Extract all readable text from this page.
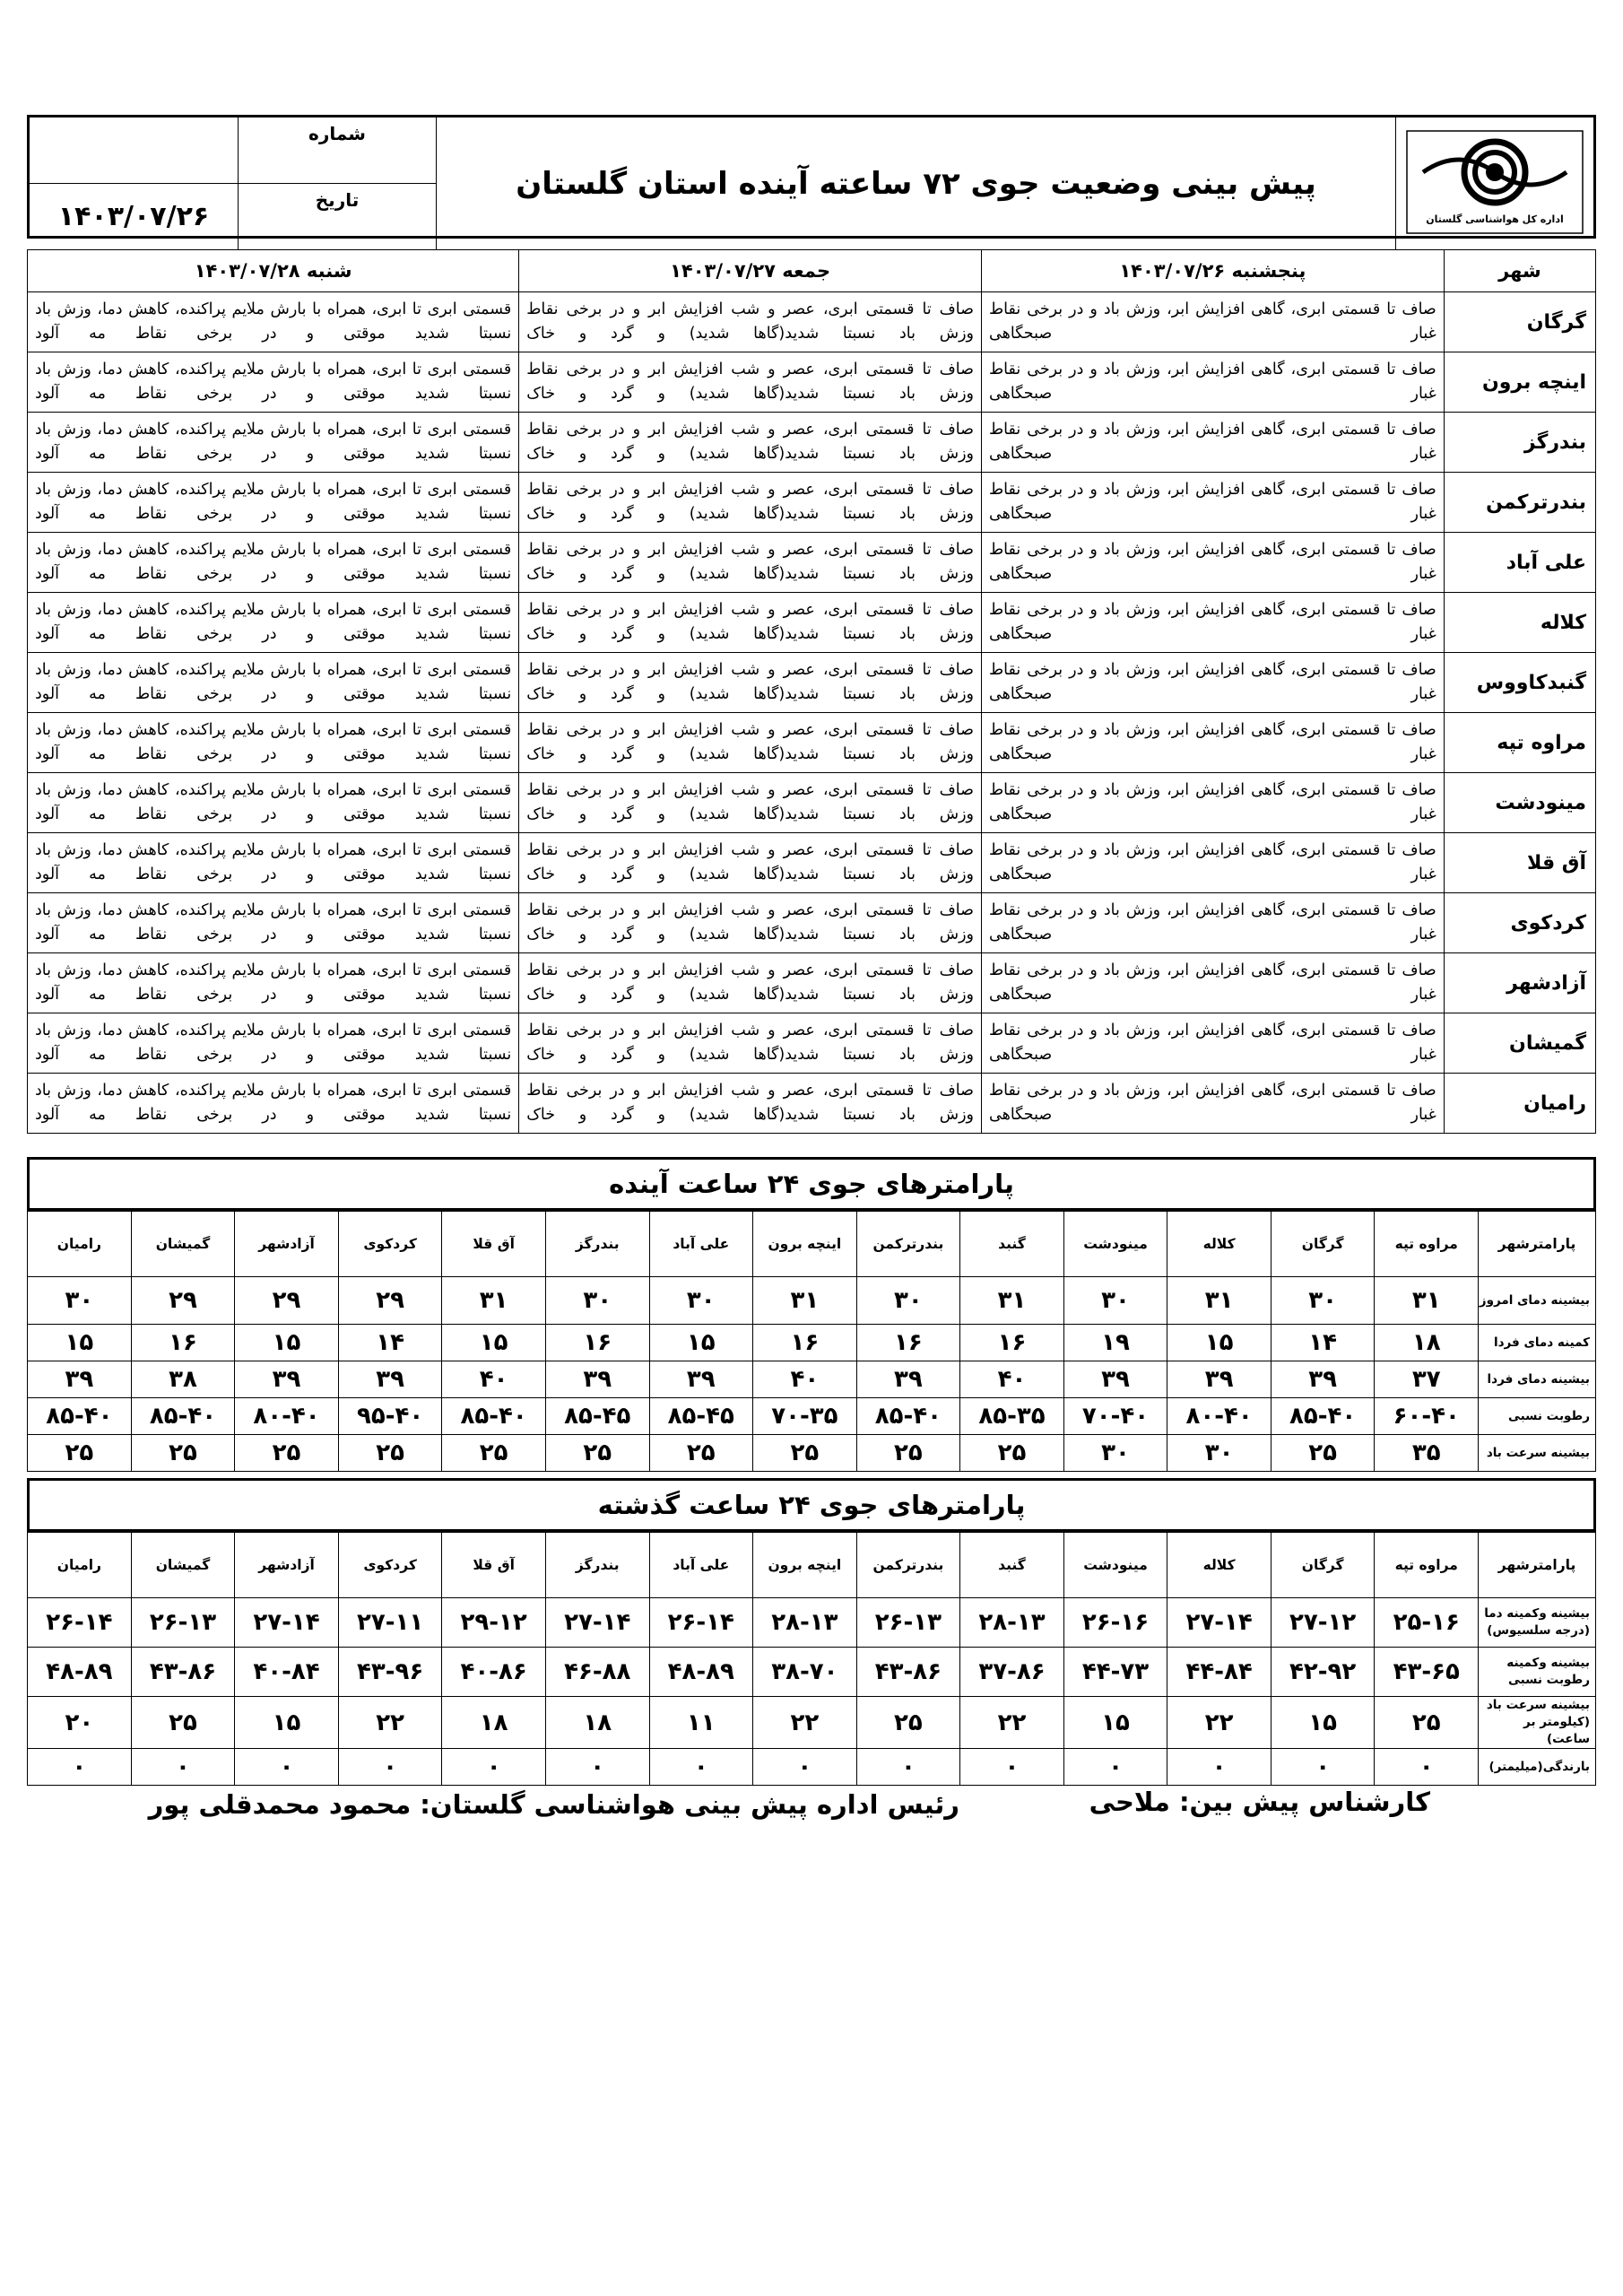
	شماره	پیش بینی وضعیت جوی ۷۲ ساعته آینده استان گلستان	اداره کل هواشناسی گلستان

۱۴۰۳/۰۷/۲۶	تاریخ		
شهر	پنجشنبه ۱۴۰۳/۰۷/۲۶	جمعه ۱۴۰۳/۰۷/۲۷	شنبه ۱۴۰۳/۰۷/۲۸
گرگان	صاف تا قسمتی ابری، گاهی افزایش ابر، وزش باد و در برخی نقاط غبار صبحگاهی	صاف تا قسمتی ابری، عصر و شب افزایش ابر و در برخی نقاط وزش باد نسبتا شدید(گاها شدید) و گرد و خاک	قسمتی ابری تا ابری، همراه با بارش ملایم پراکنده، کاهش دما، وزش باد نسبتا شدید موقتی و در برخی نقاط مه آلود
اینچه برون	صاف تا قسمتی ابری، گاهی افزایش ابر، وزش باد و در برخی نقاط غبار صبحگاهی	صاف تا قسمتی ابری، عصر و شب افزایش ابر و در برخی نقاط وزش باد نسبتا شدید(گاها شدید) و گرد و خاک	قسمتی ابری تا ابری، همراه با بارش ملایم پراکنده، کاهش دما، وزش باد نسبتا شدید موقتی و در برخی نقاط مه آلود
بندرگز	صاف تا قسمتی ابری، گاهی افزایش ابر، وزش باد و در برخی نقاط غبار صبحگاهی	صاف تا قسمتی ابری، عصر و شب افزایش ابر و در برخی نقاط وزش باد نسبتا شدید(گاها شدید) و گرد و خاک	قسمتی ابری تا ابری، همراه با بارش ملایم پراکنده، کاهش دما، وزش باد نسبتا شدید موقتی و در برخی نقاط مه آلود
بندرترکمن	صاف تا قسمتی ابری، گاهی افزایش ابر، وزش باد و در برخی نقاط غبار صبحگاهی	صاف تا قسمتی ابری، عصر و شب افزایش ابر و در برخی نقاط وزش باد نسبتا شدید(گاها شدید) و گرد و خاک	قسمتی ابری تا ابری، همراه با بارش ملایم پراکنده، کاهش دما، وزش باد نسبتا شدید موقتی و در برخی نقاط مه آلود
علی آباد	صاف تا قسمتی ابری، گاهی افزایش ابر، وزش باد و در برخی نقاط غبار صبحگاهی	صاف تا قسمتی ابری، عصر و شب افزایش ابر و در برخی نقاط وزش باد نسبتا شدید(گاها شدید) و گرد و خاک	قسمتی ابری تا ابری، همراه با بارش ملایم پراکنده، کاهش دما، وزش باد نسبتا شدید موقتی و در برخی نقاط مه آلود
کلاله	صاف تا قسمتی ابری، گاهی افزایش ابر، وزش باد و در برخی نقاط غبار صبحگاهی	صاف تا قسمتی ابری، عصر و شب افزایش ابر و در برخی نقاط وزش باد نسبتا شدید(گاها شدید) و گرد و خاک	قسمتی ابری تا ابری، همراه با بارش ملایم پراکنده، کاهش دما، وزش باد نسبتا شدید موقتی و در برخی نقاط مه آلود
گنبدکاووس	صاف تا قسمتی ابری، گاهی افزایش ابر، وزش باد و در برخی نقاط غبار صبحگاهی	صاف تا قسمتی ابری، عصر و شب افزایش ابر و در برخی نقاط وزش باد نسبتا شدید(گاها شدید) و گرد و خاک	قسمتی ابری تا ابری، همراه با بارش ملایم پراکنده، کاهش دما، وزش باد نسبتا شدید موقتی و در برخی نقاط مه آلود
مراوه تپه	صاف تا قسمتی ابری، گاهی افزایش ابر، وزش باد و در برخی نقاط غبار صبحگاهی	صاف تا قسمتی ابری، عصر و شب افزایش ابر و در برخی نقاط وزش باد نسبتا شدید(گاها شدید) و گرد و خاک	قسمتی ابری تا ابری، همراه با بارش ملایم پراکنده، کاهش دما، وزش باد نسبتا شدید موقتی و در برخی نقاط مه آلود
مینودشت	صاف تا قسمتی ابری، گاهی افزایش ابر، وزش باد و در برخی نقاط غبار صبحگاهی	صاف تا قسمتی ابری، عصر و شب افزایش ابر و در برخی نقاط وزش باد نسبتا شدید(گاها شدید) و گرد و خاک	قسمتی ابری تا ابری، همراه با بارش ملایم پراکنده، کاهش دما، وزش باد نسبتا شدید موقتی و در برخی نقاط مه آلود
آق قلا	صاف تا قسمتی ابری، گاهی افزایش ابر، وزش باد و در برخی نقاط غبار صبحگاهی	صاف تا قسمتی ابری، عصر و شب افزایش ابر و در برخی نقاط وزش باد نسبتا شدید(گاها شدید) و گرد و خاک	قسمتی ابری تا ابری، همراه با بارش ملایم پراکنده، کاهش دما، وزش باد نسبتا شدید موقتی و در برخی نقاط مه آلود
کردکوی	صاف تا قسمتی ابری، گاهی افزایش ابر، وزش باد و در برخی نقاط غبار صبحگاهی	صاف تا قسمتی ابری، عصر و شب افزایش ابر و در برخی نقاط وزش باد نسبتا شدید(گاها شدید) و گرد و خاک	قسمتی ابری تا ابری، همراه با بارش ملایم پراکنده، کاهش دما، وزش باد نسبتا شدید موقتی و در برخی نقاط مه آلود
آزادشهر	صاف تا قسمتی ابری، گاهی افزایش ابر، وزش باد و در برخی نقاط غبار صبحگاهی	صاف تا قسمتی ابری، عصر و شب افزایش ابر و در برخی نقاط وزش باد نسبتا شدید(گاها شدید) و گرد و خاک	قسمتی ابری تا ابری، همراه با بارش ملایم پراکنده، کاهش دما، وزش باد نسبتا شدید موقتی و در برخی نقاط مه آلود
گمیشان	صاف تا قسمتی ابری، گاهی افزایش ابر، وزش باد و در برخی نقاط غبار صبحگاهی	صاف تا قسمتی ابری، عصر و شب افزایش ابر و در برخی نقاط وزش باد نسبتا شدید(گاها شدید) و گرد و خاک	قسمتی ابری تا ابری، همراه با بارش ملایم پراکنده، کاهش دما، وزش باد نسبتا شدید موقتی و در برخی نقاط مه آلود
رامیان	صاف تا قسمتی ابری، گاهی افزایش ابر، وزش باد و در برخی نقاط غبار صبحگاهی	صاف تا قسمتی ابری، عصر و شب افزایش ابر و در برخی نقاط وزش باد نسبتا شدید(گاها شدید) و گرد و خاک	قسمتی ابری تا ابری، همراه با بارش ملایم پراکنده، کاهش دما، وزش باد نسبتا شدید موقتی و در برخی نقاط مه آلود
پارامترهای جوی ۲۴ ساعت آینده
پارامترشهر	مراوه تپه	گرگان	کلاله	مینودشت	گنبد	بندرترکمن	اینچه برون	علی آباد	بندرگز	آق قلا	کردکوی	آزادشهر	گمیشان	رامیان
بیشینه دمای امروز	۳۱	۳۰	۳۱	۳۰	۳۱	۳۰	۳۱	۳۰	۳۰	۳۱	۲۹	۲۹	۲۹	۳۰
کمینه دمای فردا	۱۸	۱۴	۱۵	۱۹	۱۶	۱۶	۱۶	۱۵	۱۶	۱۵	۱۴	۱۵	۱۶	۱۵
بیشینه دمای فردا	۳۷	۳۹	۳۹	۳۹	۴۰	۳۹	۴۰	۳۹	۳۹	۴۰	۳۹	۳۹	۳۸	۳۹
رطوبت نسبی	۶۰-۴۰	۸۵-۴۰	۸۰-۴۰	۷۰-۴۰	۸۵-۳۵	۸۵-۴۰	۷۰-۳۵	۸۵-۴۵	۸۵-۴۵	۸۵-۴۰	۹۵-۴۰	۸۰-۴۰	۸۵-۴۰	۸۵-۴۰
بیشینه سرعت باد	۳۵	۲۵	۳۰	۳۰	۲۵	۲۵	۲۵	۲۵	۲۵	۲۵	۲۵	۲۵	۲۵	۲۵
پارامترهای جوی ۲۴ ساعت گذشته
پارامترشهر	مراوه تپه	گرگان	کلاله	مینودشت	گنبد	بندرترکمن	اینچه برون	علی آباد	بندرگز	آق قلا	کردکوی	آزادشهر	گمیشان	رامیان
بیشینه وکمینه دما (درجه سلسیوس)	۲۵-۱۶	۲۷-۱۲	۲۷-۱۴	۲۶-۱۶	۲۸-۱۳	۲۶-۱۳	۲۸-۱۳	۲۶-۱۴	۲۷-۱۴	۲۹-۱۲	۲۷-۱۱	۲۷-۱۴	۲۶-۱۳	۲۶-۱۴
بیشینه وکمینه رطوبت نسبی	۴۳-۶۵	۴۲-۹۲	۴۴-۸۴	۴۴-۷۳	۳۷-۸۶	۴۳-۸۶	۳۸-۷۰	۴۸-۸۹	۴۶-۸۸	۴۰-۸۶	۴۳-۹۶	۴۰-۸۴	۴۳-۸۶	۴۸-۸۹
بیشینه سرعت باد (کیلومتر بر ساعت)	۲۵	۱۵	۲۲	۱۵	۲۲	۲۵	۲۲	۱۱	۱۸	۱۸	۲۲	۱۵	۲۵	۲۰
بارندگی(میلیمتر)	۰	۰	۰	۰	۰	۰	۰	۰	۰	۰	۰	۰	۰	۰
کارشناس پیش بین: ملاحی
رئیس اداره پیش بینی هواشناسی گلستان: محمود محمدقلی پور
